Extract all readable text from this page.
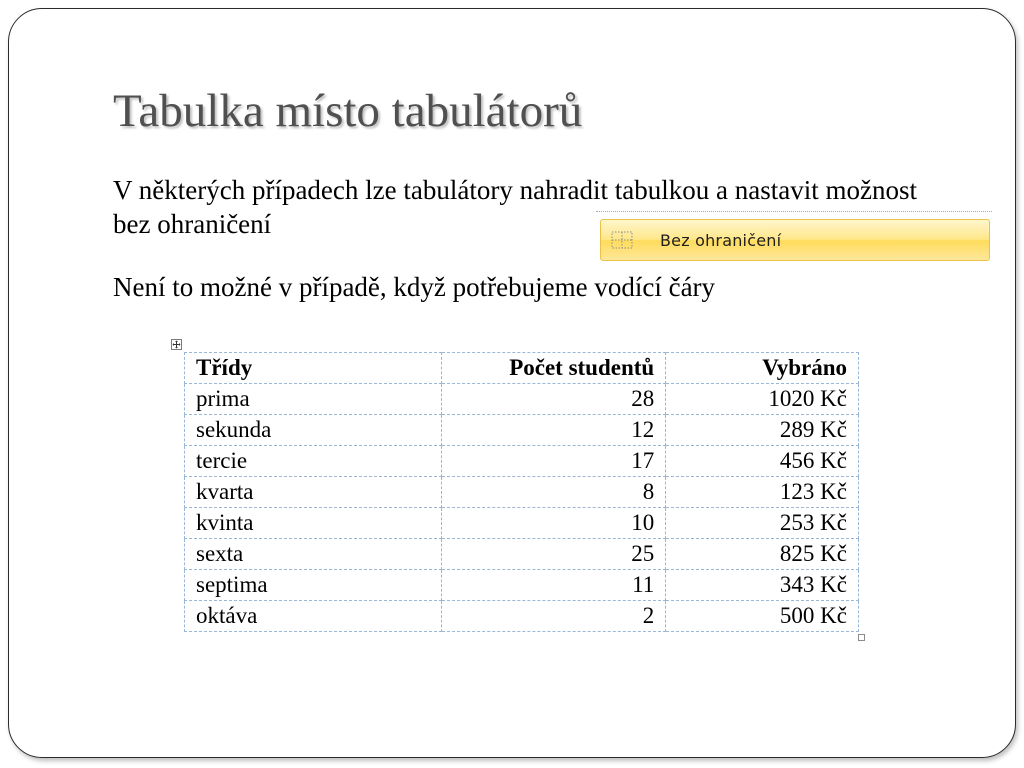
Tabulka místo tabulátorů

V některých případech lze tabulátory nahradit tabulkou a nastavit možnost bez ohraničení

Bez ohraničení

Není to možné v případě, když potřebujeme vodící čáry

Třídy	Počet studentů	Vybráno
prima	28	1020 Kč
sekunda	12	289 Kč
tercie	17	456 Kč
kvarta	8	123 Kč
kvinta	10	253 Kč
sexta	25	825 Kč
septima	11	343 Kč
oktáva	2	500 Kč
